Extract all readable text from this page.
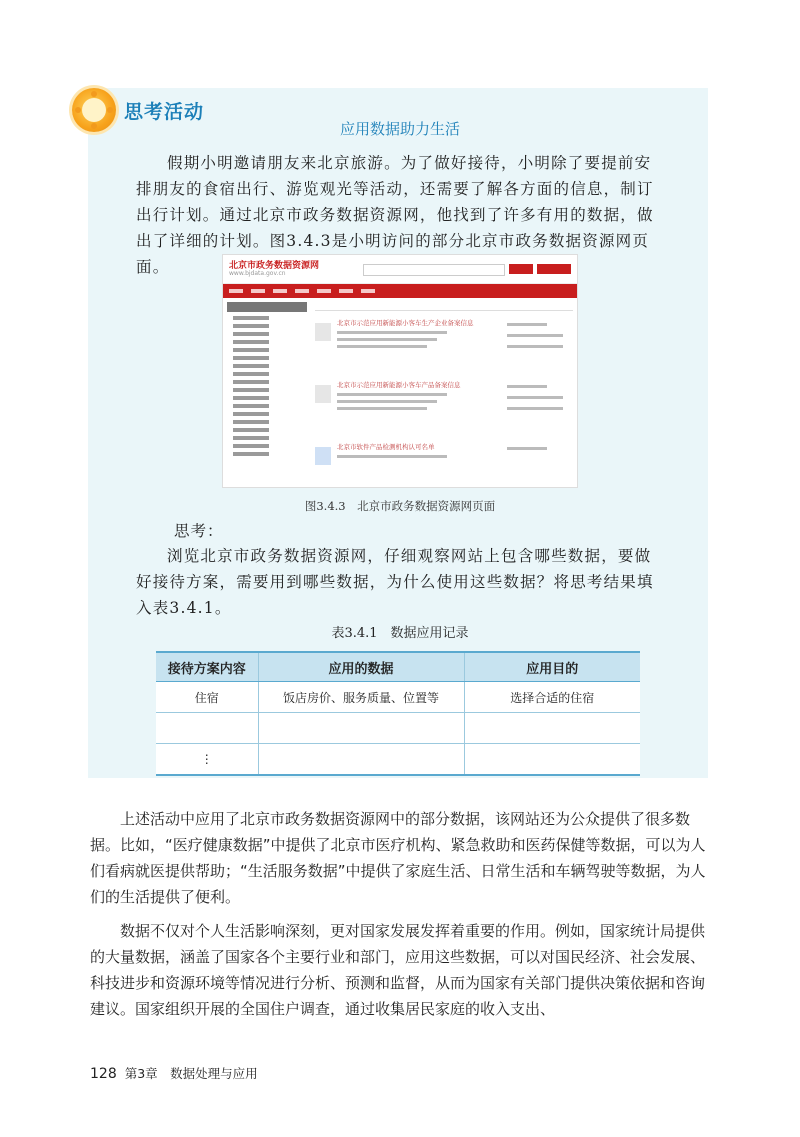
思考活动
应用数据助力生活

假期小明邀请朋友来北京旅游。为了做好接待，小明除了要提前安排朋友的食宿出行、游览观光等活动，还需要了解各方面的信息，制订出行计划。通过北京市政务数据资源网，他找到了许多有用的数据，做出了详细的计划。图3.4.3是小明访问的部分北京市政务数据资源网页面。	北京市政务数据资源网
www.bjdata.gov.cn
北京市示范应用新能源小客车生产企业备案信息
北京市示范应用新能源小客车产品备案信息
北京市软件产品检测机构认可名单
图3.4.3　北京市政务数据资源网页面
思考：

浏览北京市政务数据资源网，仔细观察网站上包含哪些数据，要做好接待方案，需要用到哪些数据，为什么使用这些数据？将思考结果填入表3.4.1。

表3.4.1　数据应用记录
接待方案内容	应用的数据	应用目的
住宿	饭店房价、服务质量、位置等	选择合适的住宿

⋮		

上述活动中应用了北京市政务数据资源网中的部分数据，该网站还为公众提供了很多数据。比如，“医疗健康数据”中提供了北京市医疗机构、紧急救助和医药保健等数据，可以为人们看病就医提供帮助；“生活服务数据”中提供了家庭生活、日常生活和车辆驾驶等数据，为人们的生活提供了便利。

数据不仅对个人生活影响深刻，更对国家发展发挥着重要的作用。例如，国家统计局提供的大量数据，涵盖了国家各个主要行业和部门，应用这些数据，可以对国民经济、社会发展、科技进步和资源环境等情况进行分析、预测和监督，从而为国家有关部门提供决策依据和咨询建议。国家组织开展的全国住户调查，通过收集居民家庭的收入支出、

128 第3章　数据处理与应用
